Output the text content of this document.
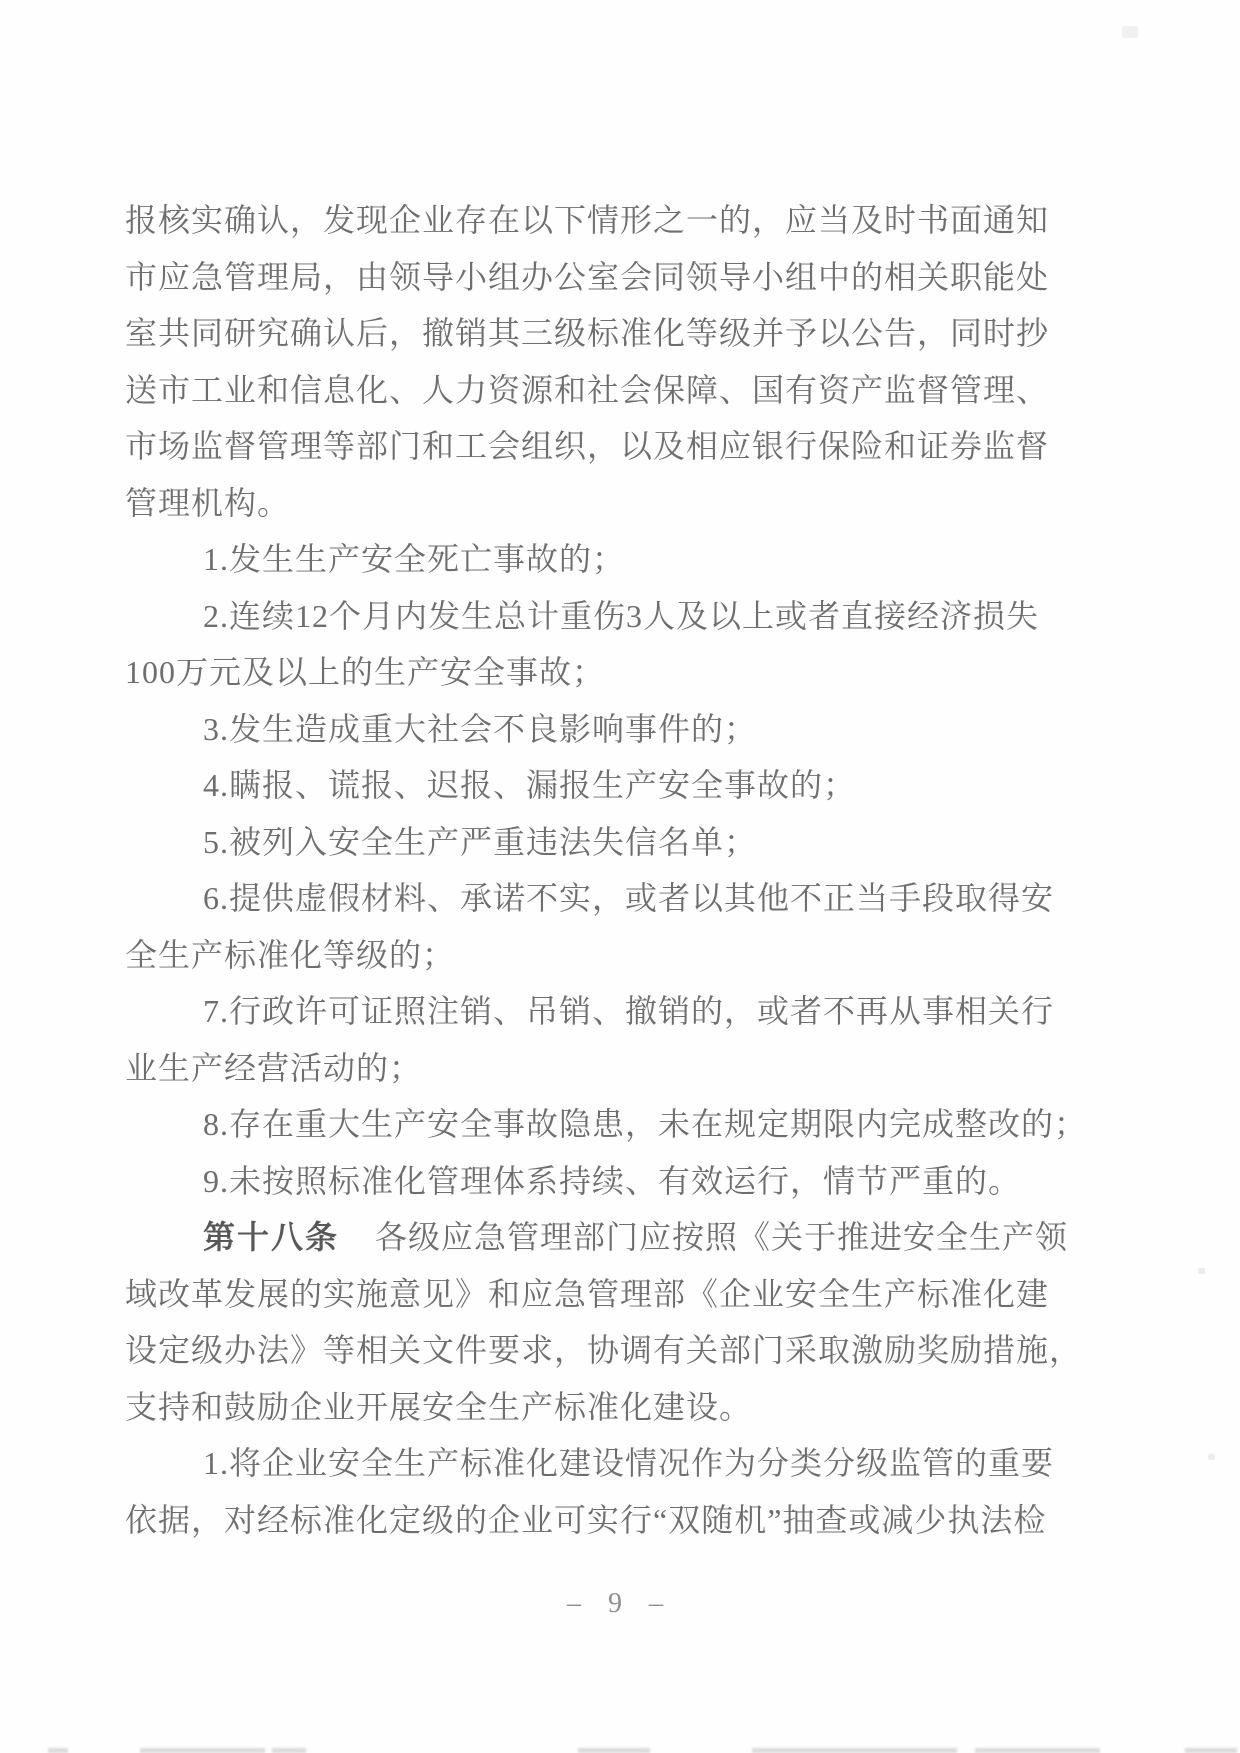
报核实确认，发现企业存在以下情形之一的，应当及时书面通知
市应急管理局，由领导小组办公室会同领导小组中的相关职能处
室共同研究确认后，撤销其三级标准化等级并予以公告，同时抄
送市工业和信息化、人力资源和社会保障、国有资产监督管理、
市场监督管理等部门和工会组织，以及相应银行保险和证券监督
管理机构。
1.发生生产安全死亡事故的；
2.连续12个月内发生总计重伤3人及以上或者直接经济损失
100万元及以上的生产安全事故；
3.发生造成重大社会不良影响事件的；
4.瞒报、谎报、迟报、漏报生产安全事故的；
5.被列入安全生产严重违法失信名单；
6.提供虚假材料、承诺不实，或者以其他不正当手段取得安
全生产标准化等级的；
7.行政许可证照注销、吊销、撤销的，或者不再从事相关行
业生产经营活动的；
8.存在重大生产安全事故隐患，未在规定期限内完成整改的；
9.未按照标准化管理体系持续、有效运行，情节严重的。
第十八条 各级应急管理部门应按照《关于推进安全生产领
域改革发展的实施意见》和应急管理部《企业安全生产标准化建
设定级办法》等相关文件要求，协调有关部门采取激励奖励措施，
支持和鼓励企业开展安全生产标准化建设。
1.将企业安全生产标准化建设情况作为分类分级监管的重要
依据，对经标准化定级的企业可实行“双随机”抽查或减少执法检
– 9 –
